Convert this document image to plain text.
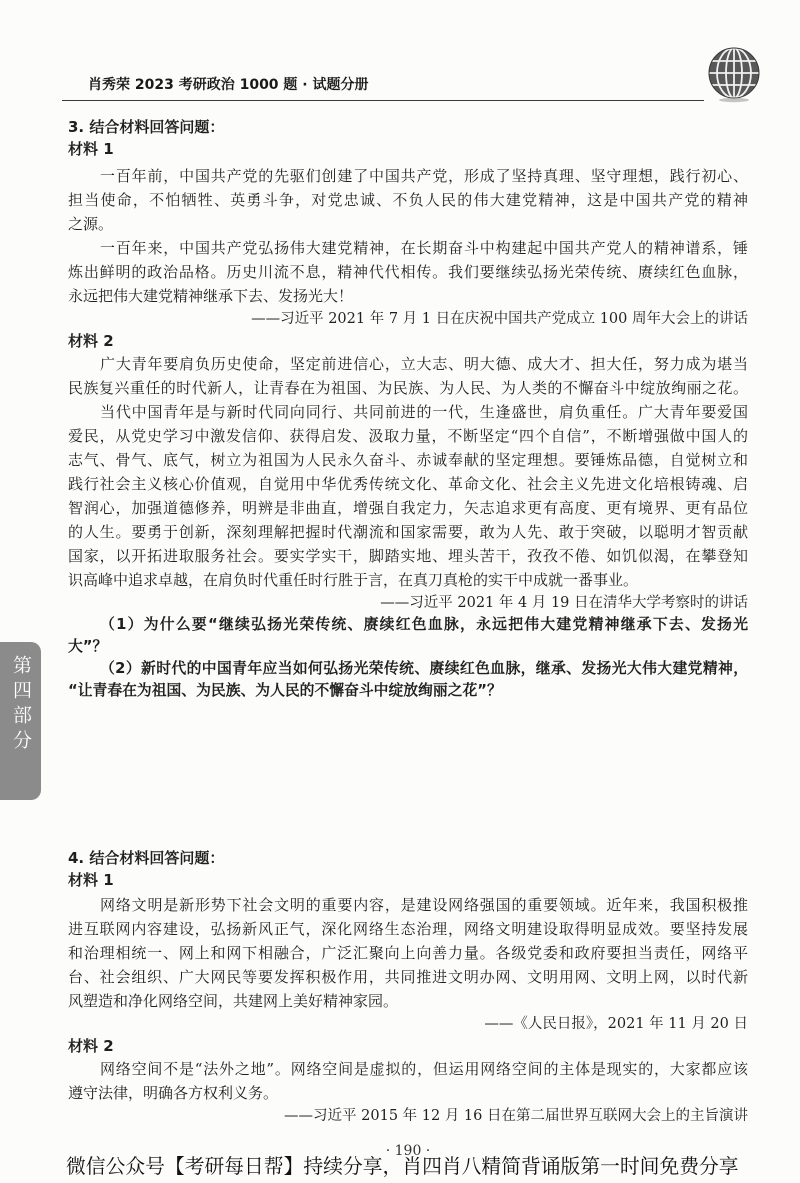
肖秀荣 2023 考研政治 1000 题 · 试题分册
第四部分
3. 结合材料回答问题：
材料 1
一百年前，中国共产党的先驱们创建了中国共产党，形成了坚持真理、坚守理想，践行初心、
担当使命，不怕牺牲、英勇斗争，对党忠诚、不负人民的伟大建党精神，这是中国共产党的精神
之源。
一百年来，中国共产党弘扬伟大建党精神，在长期奋斗中构建起中国共产党人的精神谱系，锤
炼出鲜明的政治品格。历史川流不息，精神代代相传。我们要继续弘扬光荣传统、赓续红色血脉，
永远把伟大建党精神继承下去、发扬光大！
——习近平 2021 年 7 月 1 日在庆祝中国共产党成立 100 周年大会上的讲话
材料 2
广大青年要肩负历史使命，坚定前进信心，立大志、明大德、成大才、担大任，努力成为堪当
民族复兴重任的时代新人，让青春在为祖国、为民族、为人民、为人类的不懈奋斗中绽放绚丽之花。
当代中国青年是与新时代同向同行、共同前进的一代，生逢盛世，肩负重任。广大青年要爱国
爱民，从党史学习中激发信仰、获得启发、汲取力量，不断坚定“四个自信”，不断增强做中国人的
志气、骨气、底气，树立为祖国为人民永久奋斗、赤诚奉献的坚定理想。要锤炼品德，自觉树立和
践行社会主义核心价值观，自觉用中华优秀传统文化、革命文化、社会主义先进文化培根铸魂、启
智润心，加强道德修养，明辨是非曲直，增强自我定力，矢志追求更有高度、更有境界、更有品位
的人生。要勇于创新，深刻理解把握时代潮流和国家需要，敢为人先、敢于突破，以聪明才智贡献
国家，以开拓进取服务社会。要实学实干，脚踏实地、埋头苦干，孜孜不倦、如饥似渴，在攀登知
识高峰中追求卓越，在肩负时代重任时行胜于言，在真刀真枪的实干中成就一番事业。
——习近平 2021 年 4 月 19 日在清华大学考察时的讲话
（1）为什么要“继续弘扬光荣传统、赓续红色血脉，永远把伟大建党精神继承下去、发扬光
大”？
（2）新时代的中国青年应当如何弘扬光荣传统、赓续红色血脉，继承、发扬光大伟大建党精神，
“让青春在为祖国、为民族、为人民的不懈奋斗中绽放绚丽之花”？
4. 结合材料回答问题：
材料 1
网络文明是新形势下社会文明的重要内容，是建设网络强国的重要领域。近年来，我国积极推
进互联网内容建设，弘扬新风正气，深化网络生态治理，网络文明建设取得明显成效。要坚持发展
和治理相统一、网上和网下相融合，广泛汇聚向上向善力量。各级党委和政府要担当责任，网络平
台、社会组织、广大网民等要发挥积极作用，共同推进文明办网、文明用网、文明上网，以时代新
风塑造和净化网络空间，共建网上美好精神家园。
——《人民日报》，2021 年 11 月 20 日
材料 2
网络空间不是“法外之地”。网络空间是虚拟的，但运用网络空间的主体是现实的，大家都应该
遵守法律，明确各方权利义务。
——习近平 2015 年 12 月 16 日在第二届世界互联网大会上的主旨演讲
· 190 ·
微信公众号【考研每日帮】持续分享，肖四肖八精简背诵版第一时间免费分享
